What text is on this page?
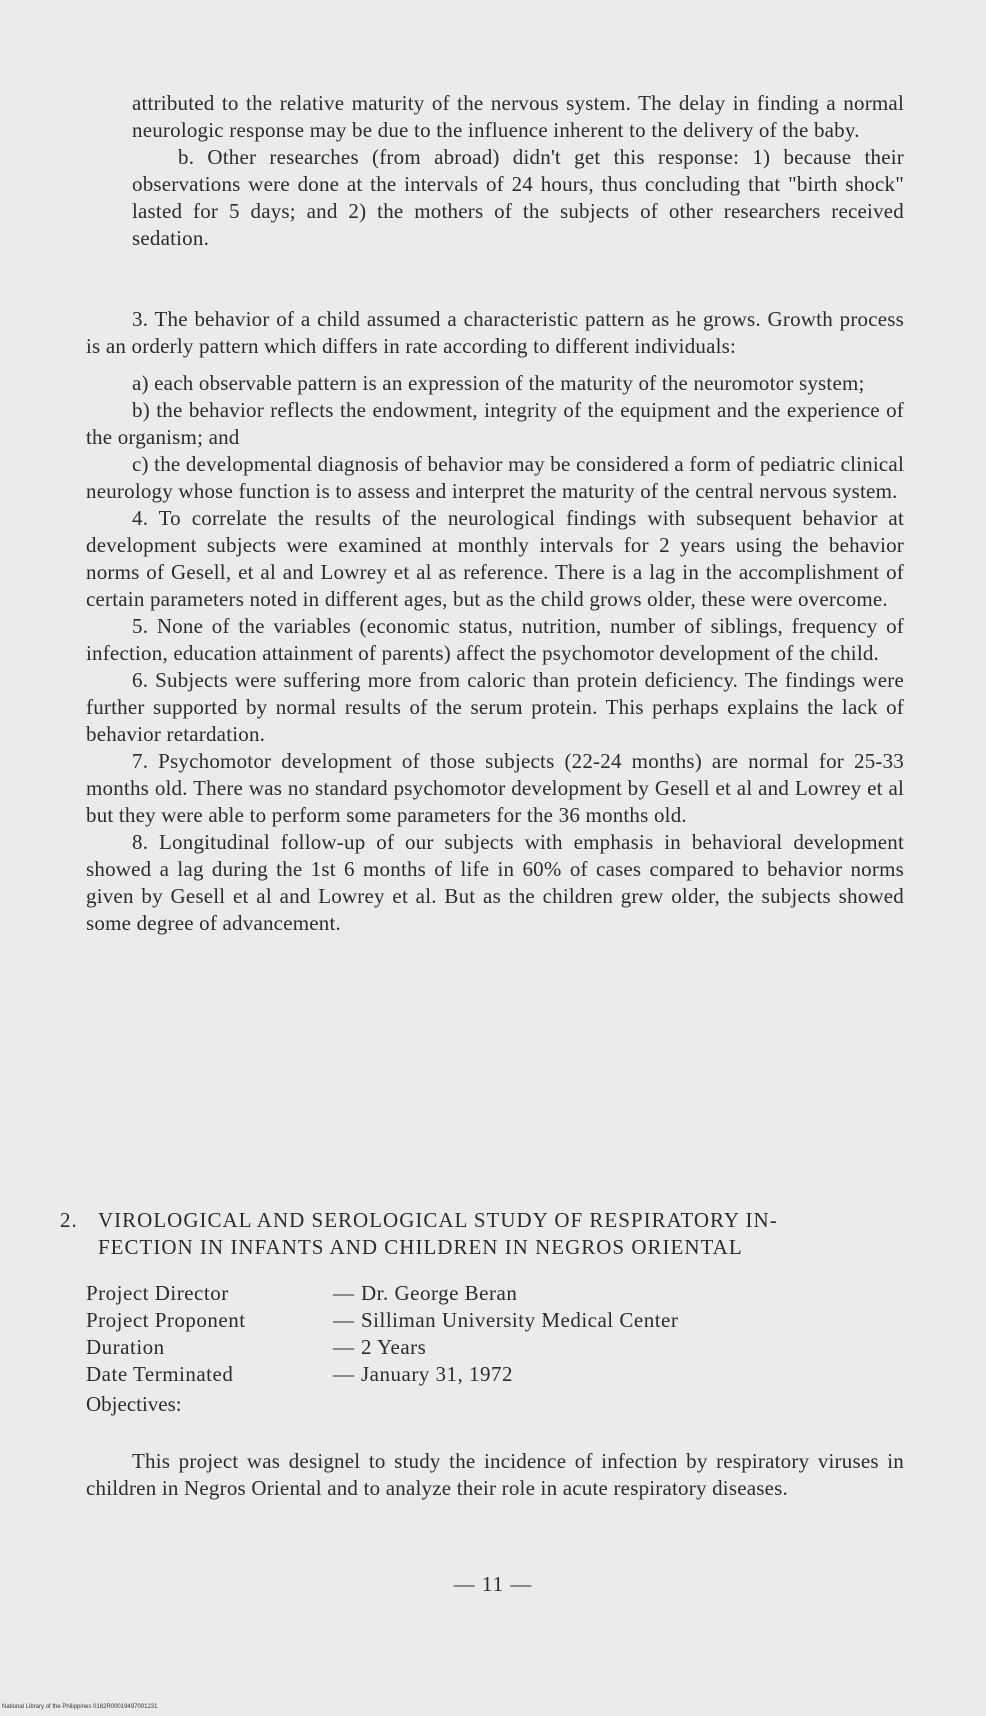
attributed to the relative maturity of the nervous system. The delay in finding a normal neurologic response may be due to the influence inherent to the delivery of the baby.

b. Other researches (from abroad) didn't get this response: 1) because their observations were done at the intervals of 24 hours, thus concluding that "birth shock" lasted for 5 days; and 2) the mothers of the subjects of other researchers received sedation.

3. The behavior of a child assumed a characteristic pattern as he grows. Growth process is an orderly pattern which differs in rate according to different individuals:

a) each observable pattern is an expression of the maturity of the neuromotor system;

b) the behavior reflects the endowment, integrity of the equipment and the experience of the organism; and

c) the developmental diagnosis of behavior may be considered a form of pediatric clinical neurology whose function is to assess and interpret the maturity of the central nervous system.

4. To correlate the results of the neurological findings with subsequent behavior at development subjects were examined at monthly intervals for 2 years using the behavior norms of Gesell, et al and Lowrey et al as reference. There is a lag in the accomplishment of certain parameters noted in different ages, but as the child grows older, these were overcome.

5. None of the variables (economic status, nutrition, number of siblings, frequency of infection, education attainment of parents) affect the psychomotor development of the child.

6. Subjects were suffering more from caloric than protein deficiency. The findings were further supported by normal results of the serum protein. This perhaps explains the lack of behavior retardation.

7. Psychomotor development of those subjects (22-24 months) are normal for 25-33 months old. There was no standard psychomotor development by Gesell et al and Lowrey et al but they were able to perform some parameters for the 36 months old.

8. Longitudinal follow-up of our subjects with emphasis in behavioral development showed a lag during the 1st 6 months of life in 60% of cases compared to behavior norms given by Gesell et al and Lowrey et al. But as the children grew older, the subjects showed some degree of advancement.

2. VIROLOGICAL AND SEROLOGICAL STUDY OF RESPIRATORY IN-
FECTION IN INFANTS AND CHILDREN IN NEGROS ORIENTAL
Project Director	— Dr. George Beran
Project Proponent	— Silliman University Medical Center
Duration	— 2 Years
Date Terminated	— January 31, 1972
Objectives:
This project was designel to study the incidence of infection by respiratory viruses in children in Negros Oriental and to analyze their role in acute respiratory diseases.
— 11 —
National Library of the Philippines 0162R00019497001231
